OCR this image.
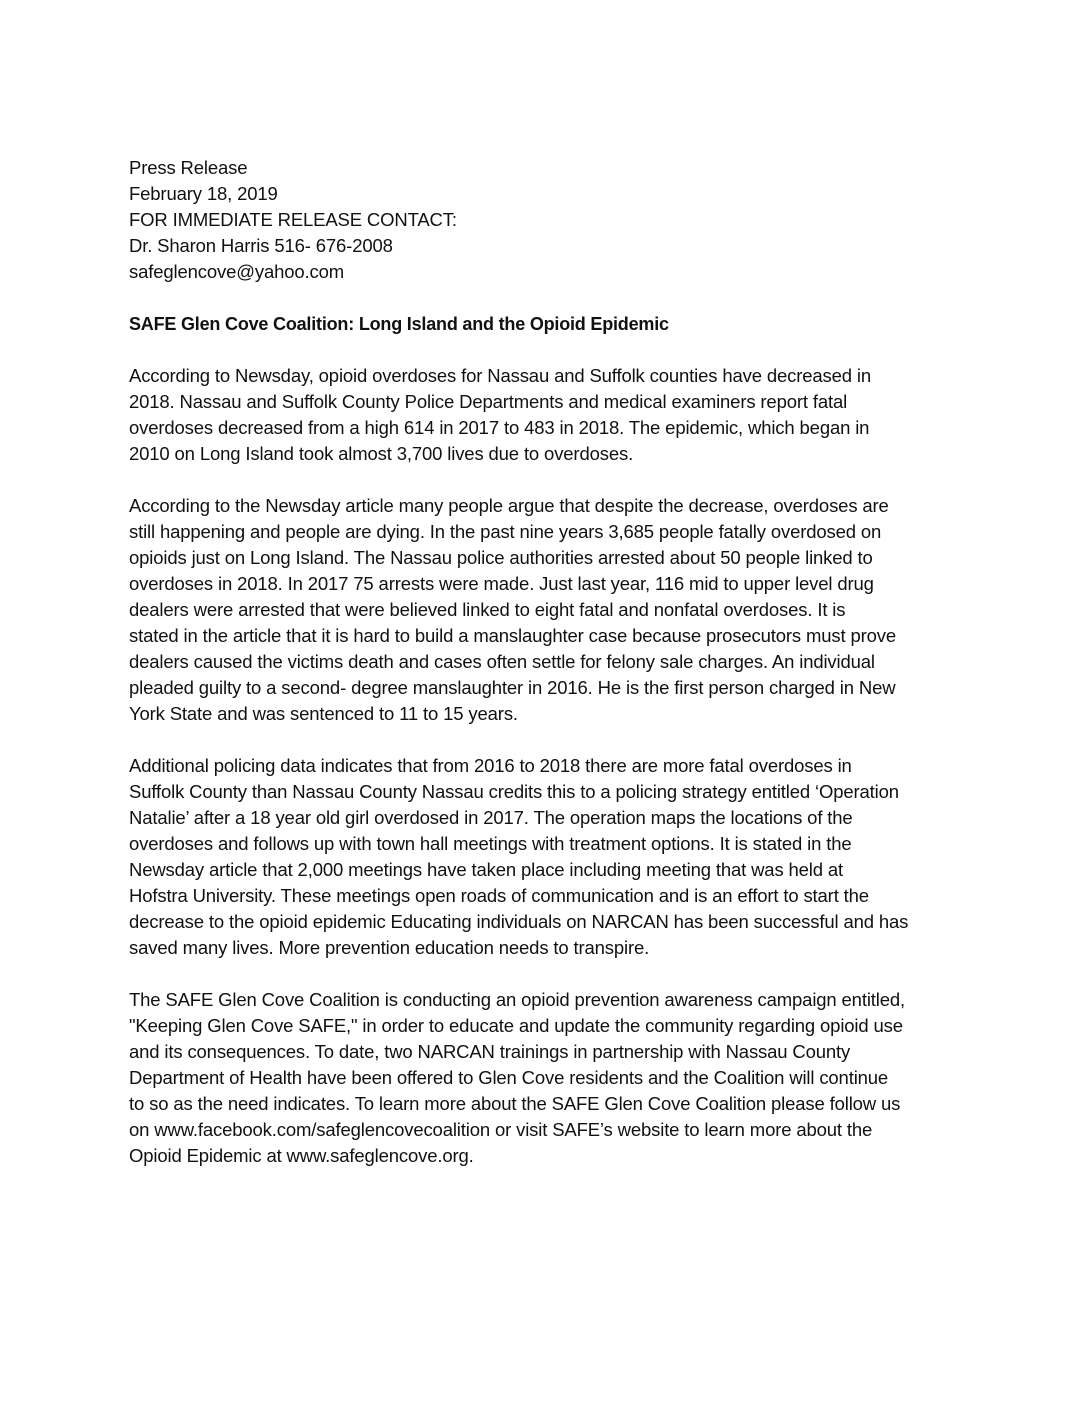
Press Release
February 18, 2019
FOR IMMEDIATE RELEASE CONTACT:
Dr. Sharon Harris 516- 676-2008
safeglencove@yahoo.com
SAFE Glen Cove Coalition: Long Island and the Opioid Epidemic
According to Newsday, opioid overdoses for Nassau and Suffolk counties have decreased in
2018. Nassau and Suffolk County Police Departments and medical examiners report fatal
overdoses decreased from a high 614 in 2017 to 483 in 2018. The epidemic, which began in
2010 on Long Island took almost 3,700 lives due to overdoses.
According to the Newsday article many people argue that despite the decrease, overdoses are
still happening and people are dying. In the past nine years 3,685 people fatally overdosed on
opioids just on Long Island. The Nassau police authorities arrested about 50 people linked to
overdoses in 2018. In 2017 75 arrests were made. Just last year, 116 mid to upper level drug
dealers were arrested that were believed linked to eight fatal and nonfatal overdoses. It is
stated in the article that it is hard to build a manslaughter case because prosecutors must prove
dealers caused the victims death and cases often settle for felony sale charges. An individual
pleaded guilty to a second- degree manslaughter in 2016. He is the first person charged in New
York State and was sentenced to 11 to 15 years.
Additional policing data indicates that from 2016 to 2018 there are more fatal overdoses in
Suffolk County than Nassau County Nassau credits this to a policing strategy entitled ‘Operation
Natalie’ after a 18 year old girl overdosed in 2017. The operation maps the locations of the
overdoses and follows up with town hall meetings with treatment options. It is stated in the
Newsday article that 2,000 meetings have taken place including meeting that was held at
Hofstra University. These meetings open roads of communication and is an effort to start the
decrease to the opioid epidemic Educating individuals on NARCAN has been successful and has
saved many lives. More prevention education needs to transpire.
The SAFE Glen Cove Coalition is conducting an opioid prevention awareness campaign entitled,
"Keeping Glen Cove SAFE," in order to educate and update the community regarding opioid use
and its consequences. To date, two NARCAN trainings in partnership with Nassau County
Department of Health have been offered to Glen Cove residents and the Coalition will continue
to so as the need indicates. To learn more about the SAFE Glen Cove Coalition please follow us
on www.facebook.com/safeglencovecoalition or visit SAFE’s website to learn more about the
Opioid Epidemic at www.safeglencove.org.
